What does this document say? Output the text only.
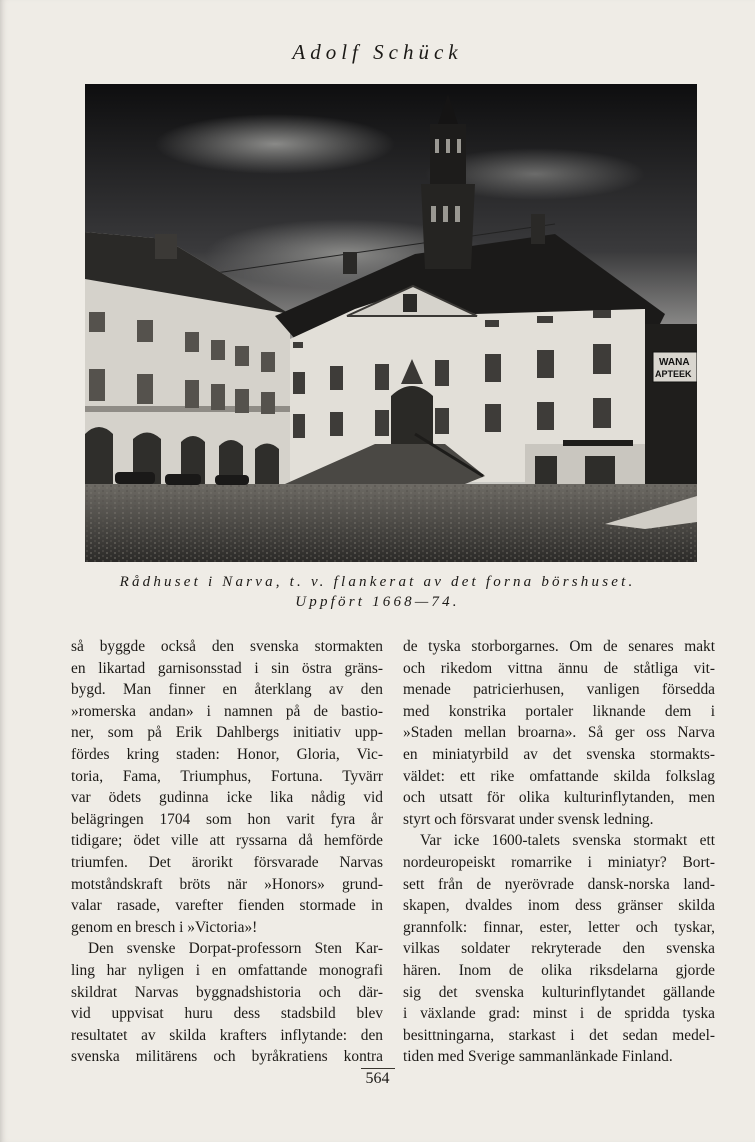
Adolf Schück
WANA
APTEEK
Rådhuset i Narva, t. v. flankerat av det forna börshuset.
Uppfört 1668—74.

så byggde också den svenska stormakten
en likartad garnisonsstad i sin östra gräns-
bygd. Man finner en återklang av den
»romerska andan» i namnen på de bastio-
ner, som på Erik Dahlbergs initiativ upp-
fördes kring staden: Honor, Gloria, Vic-
toria, Fama, Triumphus, Fortuna. Tyvärr
var ödets gudinna icke lika nådig vid
belägringen 1704 som hon varit fyra år
tidigare; ödet ville att ryssarna då hemförde
triumfen. Det ärorikt försvarade Narvas
motståndskraft bröts när »Honors» grund-
valar rasade, varefter fienden stormade in
genom en bresch i »Victoria»!

Den svenske Dorpat-professorn Sten Kar-
ling har nyligen i en omfattande monografi
skildrat Narvas byggnadshistoria och där-
vid uppvisat huru dess stadsbild blev
resultatet av skilda krafters inflytande: den
svenska militärens och byråkratiens kontra

de tyska storborgarnes. Om de senares makt
och rikedom vittna ännu de ståtliga vit-
menade patricierhusen, vanligen försedda
med konstrika portaler liknande dem i
»Staden mellan broarna». Så ger oss Narva
en miniatyrbild av det svenska stormakts-
väldet: ett rike omfattande skilda folkslag
och utsatt för olika kulturinflytanden, men
styrt och försvarat under svensk ledning.

Var icke 1600-talets svenska stormakt ett
nordeuropeiskt romarrike i miniatyr? Bort-
sett från de nyerövrade dansk-norska land-
skapen, dvaldes inom dess gränser skilda
grannfolk: finnar, ester, letter och tyskar,
vilkas soldater rekryterade den svenska
hären. Inom de olika riksdelarna gjorde
sig det svenska kulturinflytandet gällande
i växlande grad: minst i de spridda tyska
besittningarna, starkast i det sedan medel-
tiden med Sverige sammanlänkade Finland.

564
